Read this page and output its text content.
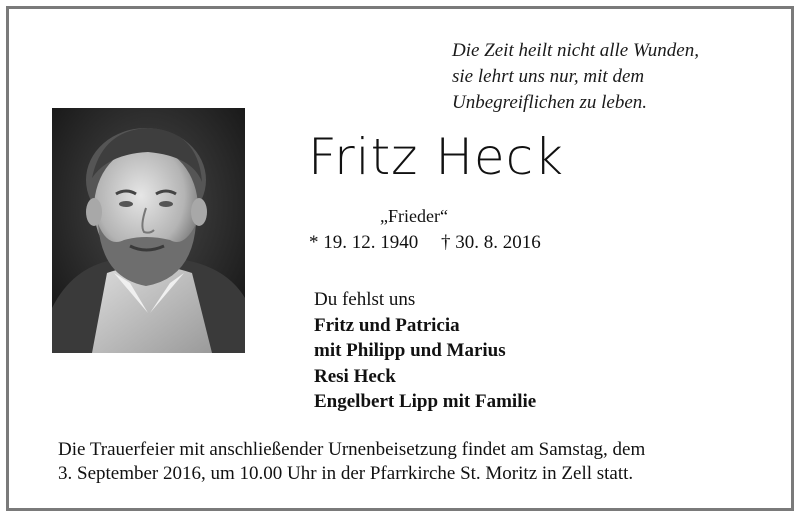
Die Zeit heilt nicht alle Wunden,
sie lehrt uns nur, mit dem
Unbegreiflichen zu leben.
Fritz Heck
„Frieder“
* 19. 12. 1940 † 30. 8. 2016
Du fehlst uns
Fritz und Patricia
mit Philipp und Marius
Resi Heck
Engelbert Lipp mit Familie
Die Trauerfeier mit anschließender Urnenbeisetzung findet am Samstag, dem
3. September 2016, um 10.00 Uhr in der Pfarrkirche St. Moritz in Zell statt.
